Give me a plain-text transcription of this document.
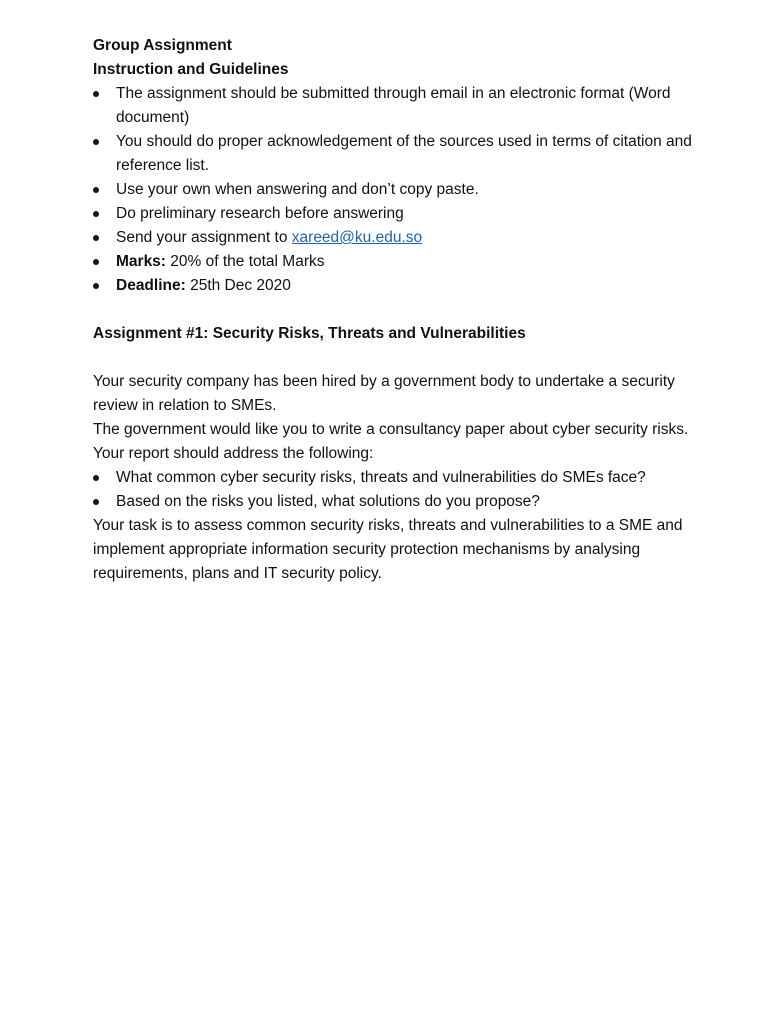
Group Assignment

Instruction and Guidelines

The assignment should be submitted through email in an electronic format (Word document)
You should do proper acknowledgement of the sources used in terms of citation and reference list.
Use your own when answering and don’t copy paste.
Do preliminary research before answering
Send your assignment to xareed@ku.edu.so
Marks: 20% of the total Marks
Deadline: 25th Dec 2020

Assignment #1: Security Risks, Threats and Vulnerabilities

Your security company has been hired by a government body to undertake a security review in relation to SMEs.

The government would like you to write a consultancy paper about cyber security risks. Your report should address the following:

What common cyber security risks, threats and vulnerabilities do SMEs face?
Based on the risks you listed, what solutions do you propose?

Your task is to assess common security risks, threats and vulnerabilities to a SME and implement appropriate information security protection mechanisms by analysing requirements, plans and IT security policy.
